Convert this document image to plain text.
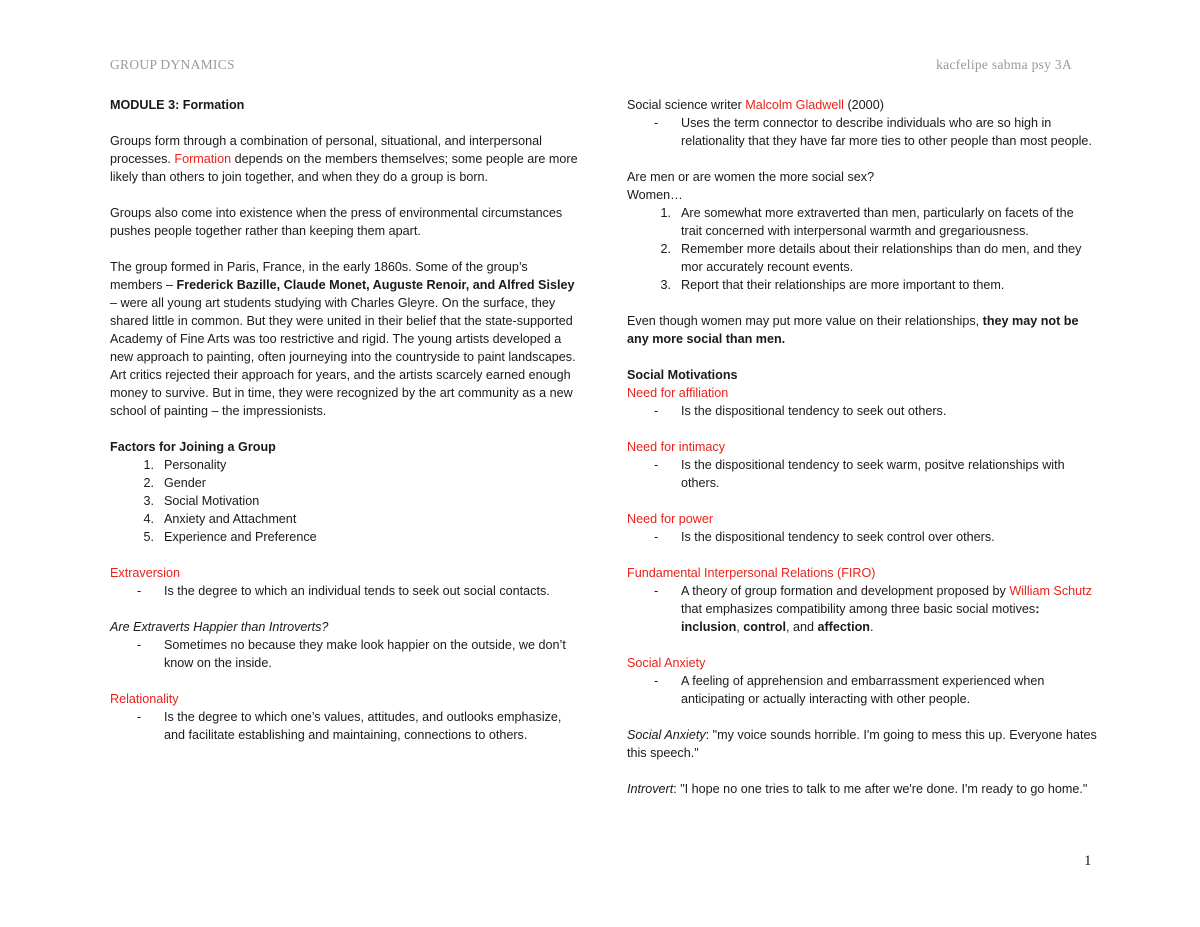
GROUP DYNAMICS	kacfelipe sabma psy 3A

MODULE 3: Formation

Groups form through a combination of personal, situational, and interpersonal processes. Formation depends on the members themselves; some people are more likely than others to join together, and when they do a group is born.

Groups also come into existence when the press of environmental circumstances pushes people together rather than keeping them apart.

The group formed in Paris, France, in the early 1860s. Some of the group’s members – Frederick Bazille, Claude Monet, Auguste Renoir, and Alfred Sisley – were all young art students studying with Charles Gleyre. On the surface, they shared little in common. But they were united in their belief that the state-supported Academy of Fine Arts was too restrictive and rigid. The young artists developed a new approach to painting, often journeying into the countryside to paint landscapes. Art critics rejected their approach for years, and the artists scarcely earned enough money to survive. But in time, they were recognized by the art community as a new school of painting – the impressionists.

Factors for Joining a Group

1. Personality
2. Gender
3. Social Motivation
4. Anxiety and Attachment
5. Experience and Preference

Extraversion

- Is the degree to which an individual tends to seek out social contacts.

Are Extraverts Happier than Introverts?

- Sometimes no because they make look happier on the outside, we don’t know on the inside.

Relationality

- Is the degree to which one’s values, attitudes, and outlooks emphasize, and facilitate establishing and maintaining, connections to others.

Social science writer Malcolm Gladwell (2000)

- Uses the term connector to describe individuals who are so high in relationality that they have far more ties to other people than most people.

Are men or are women the more social sex?

Women…

1. Are somewhat more extraverted than men, particularly on facets of the trait concerned with interpersonal warmth and gregariousness.
2. Remember more details about their relationships than do men, and they mor accurately recount events.
3. Report that their relationships are more important to them.

Even though women may put more value on their relationships, they may not be any more social than men.

Social Motivations

Need for affiliation

- Is the dispositional tendency to seek out others.

Need for intimacy

- Is the dispositional tendency to seek warm, positve relationships with others.

Need for power

- Is the dispositional tendency to seek control over others.

Fundamental Interpersonal Relations (FIRO)

- A theory of group formation and development proposed by William Schutz that emphasizes compatibility among three basic social motives: inclusion, control, and affection.

Social Anxiety

- A feeling of apprehension and embarrassment experienced when anticipating or actually interacting with other people.

Social Anxiety: "my voice sounds horrible. I'm going to mess this up. Everyone hates this speech."

Introvert: "I hope no one tries to talk to me after we're done. I'm ready to go home."

1
